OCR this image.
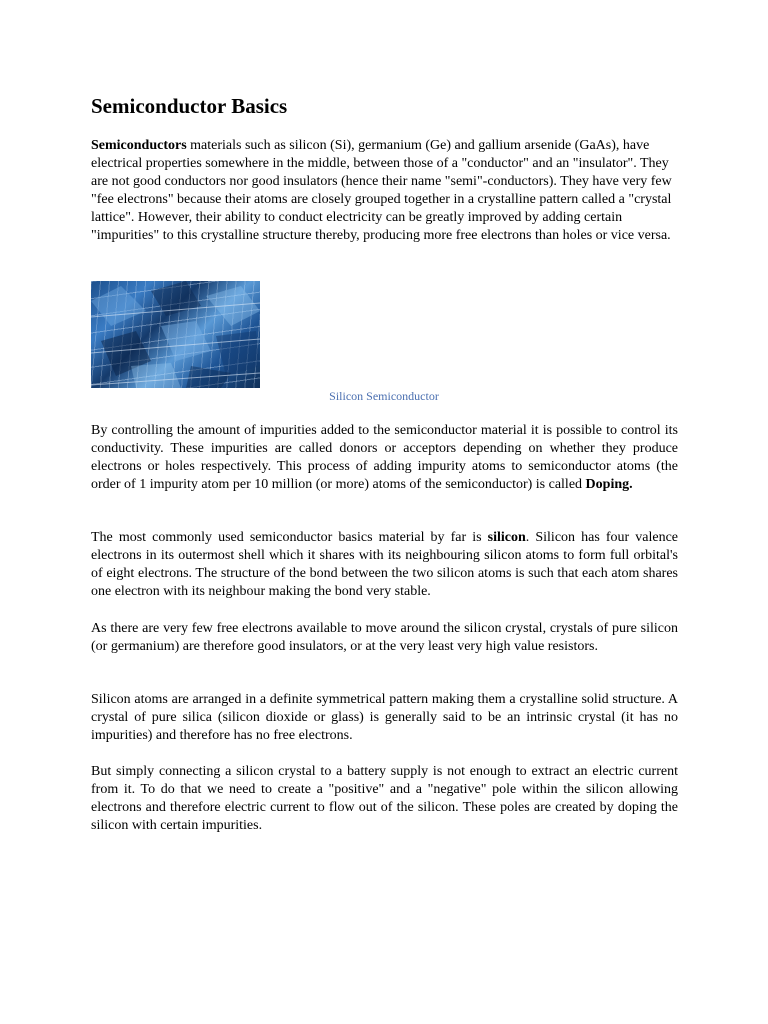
Semiconductor Basics

Semiconductors materials such as silicon (Si), germanium (Ge) and gallium arsenide (GaAs), have electrical properties somewhere in the middle, between those of a "conductor" and an "insulator". They are not good conductors nor good insulators (hence their name "semi"-conductors). They have very few "fee electrons" because their atoms are closely grouped together in a crystalline pattern called a "crystal lattice". However, their ability to conduct electricity can be greatly improved by adding certain "impurities" to this crystalline structure thereby, producing more free electrons than holes or vice versa.

Silicon Semiconductor

By controlling the amount of impurities added to the semiconductor material it is possible to control its conductivity. These impurities are called donors or acceptors depending on whether they produce electrons or holes respectively. This process of adding impurity atoms to semiconductor atoms (the order of 1 impurity atom per 10 million (or more) atoms of the semiconductor) is called Doping.

The most commonly used semiconductor basics material by far is silicon. Silicon has four valence electrons in its outermost shell which it shares with its neighbouring silicon atoms to form full orbital's of eight electrons. The structure of the bond between the two silicon atoms is such that each atom shares one electron with its neighbour making the bond very stable.

As there are very few free electrons available to move around the silicon crystal, crystals of pure silicon (or germanium) are therefore good insulators, or at the very least very high value resistors.

Silicon atoms are arranged in a definite symmetrical pattern making them a crystalline solid structure. A crystal of pure silica (silicon dioxide or glass) is generally said to be an intrinsic crystal (it has no impurities) and therefore has no free electrons.

But simply connecting a silicon crystal to a battery supply is not enough to extract an electric current from it. To do that we need to create a "positive" and a "negative" pole within the silicon allowing electrons and therefore electric current to flow out of the silicon. These poles are created by doping the silicon with certain impurities.
